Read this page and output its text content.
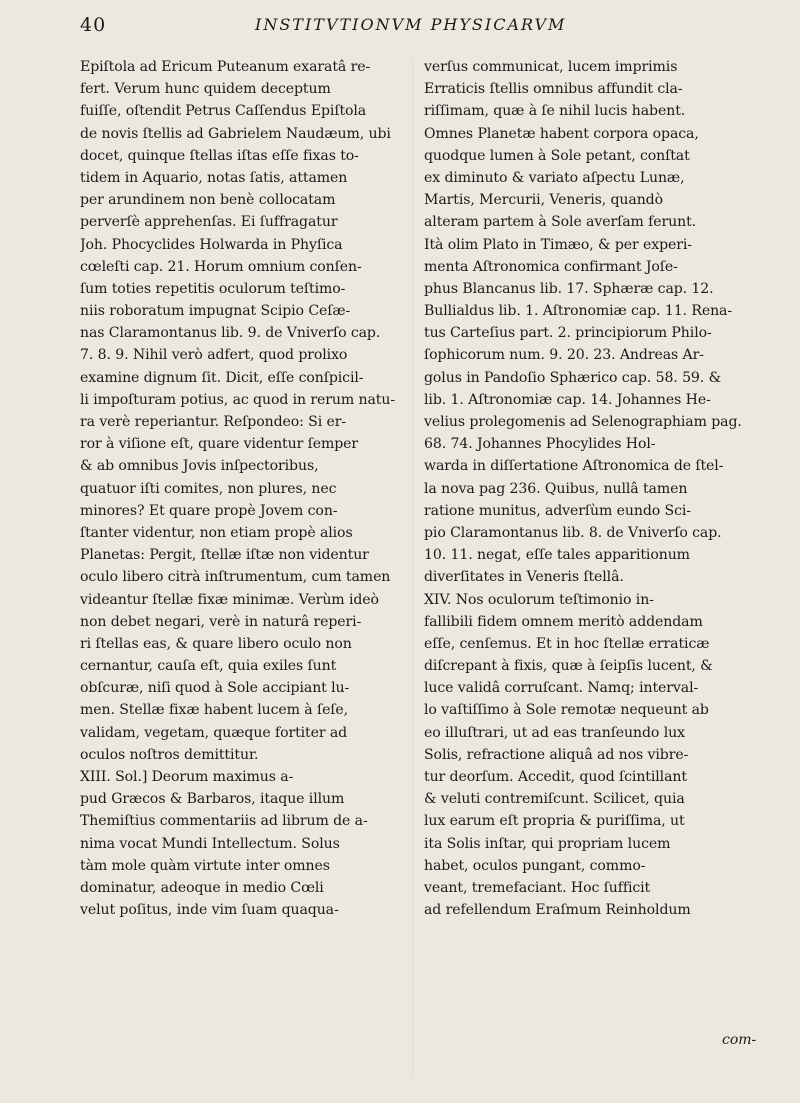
40	INSTITVTIONVM PHYSICARVM
Epiſtola ad Ericum Puteanum exaratâ re-
fert. Verum hunc quidem deceptum
fuiſſe, oſtendit Petrus Caſſendus Epiſtola
de novis ſtellis ad Gabrielem Naudæum, ubi
docet, quinque ſtellas iſtas eſſe fixas to-
tidem in Aquario, notas ſatis, attamen
per arundinem non benè collocatam
perverſè apprehenſas. Ei ſuffragatur
Joh. Phocyclides Holwarda in Phyſica
cœleſti cap. 21. Horum omnium conſen-
ſum toties repetitis oculorum teſtimo-
niis roboratum impugnat Scipio Ceſæ-
nas Claramontanus lib. 9. de Vniverſo cap.
7. 8. 9. Nihil verò adfert, quod prolixo
examine dignum ſit. Dicit, eſſe conſpicil-
li impoſturam potius, ac quod in rerum natu-
ra verè reperiantur. Reſpondeo: Si er-
ror à viſione eſt, quare videntur ſemper
& ab omnibus Jovis inſpectoribus,
quatuor iſti comites, non plures, nec
minores? Et quare propè Jovem con-
ſtanter videntur, non etiam propè alios
Planetas: Pergit, ſtellæ iſtæ non videntur
oculo libero citrà inſtrumentum, cum tamen
videantur ſtellæ fixæ minimæ. Verùm ideò
non debet negari, verè in naturâ reperi-
ri ſtellas eas, & quare libero oculo non
cernantur, cauſa eſt, quia exiles ſunt
obſcuræ, niſi quod à Sole accipiant lu-
men. Stellæ fixæ habent lucem à ſeſe,
validam, vegetam, quæque fortiter ad
oculos noſtros demittitur.
XIII. Sol.] Deorum maximus a-
pud Græcos & Barbaros, itaque illum
Themiſtius commentariis ad librum de a-
nima vocat Mundi Intellectum. Solus
tàm mole quàm virtute inter omnes
dominatur, adeoque in medio Cœli
velut poſitus, inde vim ſuam quaqua-
verſus communicat, lucem imprimis
Erraticis ſtellis omnibus affundit cla-
riſſimam, quæ à ſe nihil lucis habent.
Omnes Planetæ habent corpora opaca,
quodque lumen à Sole petant, conſtat
ex diminuto & variato aſpectu Lunæ,
Martis, Mercurii, Veneris, quandò
alteram partem à Sole averſam ferunt.
Ità olim Plato in Timæo, & per experi-
menta Aſtronomica confirmant Joſe-
phus Blancanus lib. 17. Sphæræ cap. 12.
Bullialdus lib. 1. Aſtronomiæ cap. 11. Rena-
tus Carteſius part. 2. principiorum Philo-
ſophicorum num. 9. 20. 23. Andreas Ar-
golus in Pandoſio Sphærico cap. 58. 59. &
lib. 1. Aſtronomiæ cap. 14. Johannes He-
velius prolegomenis ad Selenographiam pag.
68. 74. Johannes Phocylides Hol-
warda in diſſertatione Aſtronomica de ſtel-
la nova pag 236. Quibus, nullâ tamen
ratione munitus, adverſùm eundo Sci-
pio Claramontanus lib. 8. de Vniverſo cap.
10. 11. negat, eſſe tales apparitionum
diverſitates in Veneris ſtellâ.
XIV. Nos oculorum teſtimonio in-
fallibili fidem omnem meritò addendam
eſſe, cenſemus. Et in hoc ſtellæ erraticæ
diſcrepant à fixis, quæ à ſeipſis lucent, &
luce validâ corruſcant. Namq; interval-
lo vaſtiſſimo à Sole remotæ nequeunt ab
eo illuſtrari, ut ad eas tranſeundo lux
Solis, refractione aliquâ ad nos vibre-
tur deorſum. Accedit, quod ſcintillant
& veluti contremiſcunt. Scilicet, quia
lux earum eſt propria & puriſſima, ut
ita Solis inſtar, qui propriam lucem
habet, oculos pungant, commo-
veant, tremefaciant. Hoc ſufficit
ad refellendum Eraſmum Reinholdum
com-
